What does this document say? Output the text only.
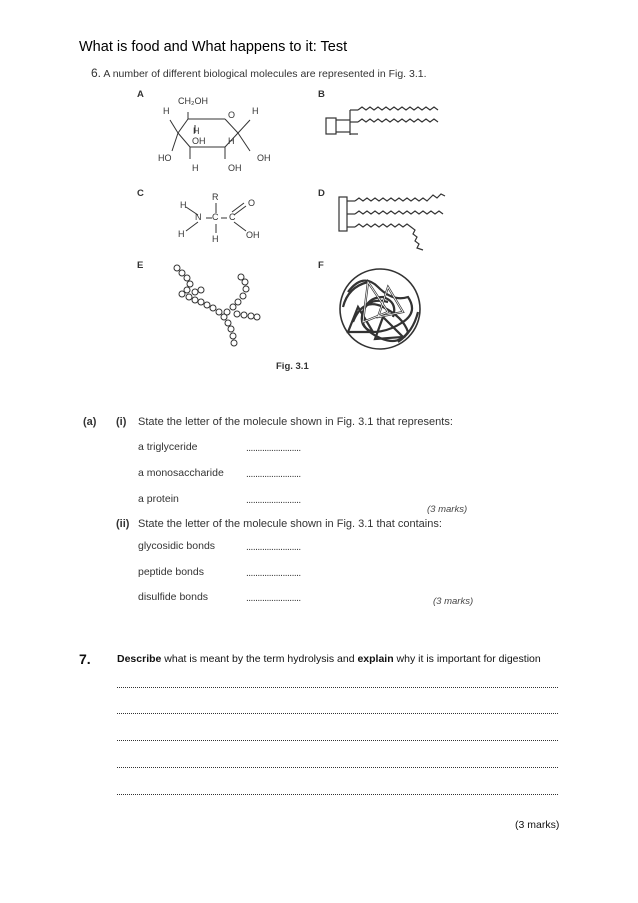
What is food and What happens to it: Test
6. A number of different biological molecules are represented in Fig. 3.1.
A	B
C	D
E	F
CH₂OH
O
H	H
H
OH	H
HO	OH
H	OH
R
H
N C C
O
H	H	OH
Fig. 3.1
(a) (i) State the letter of the molecule shown in Fig. 3.1 that represents:
a triglyceride	........................
a monosaccharide ........................
a protein	........................
(3 marks)
(ii) State the letter of the molecule shown in Fig. 3.1 that contains:
glycosidic bonds	........................
peptide bonds	........................
disulfide bonds	........................	(3 marks)
7.	Describe what is meant by the term hydrolysis and explain why it is important for digestion
(3 marks)
